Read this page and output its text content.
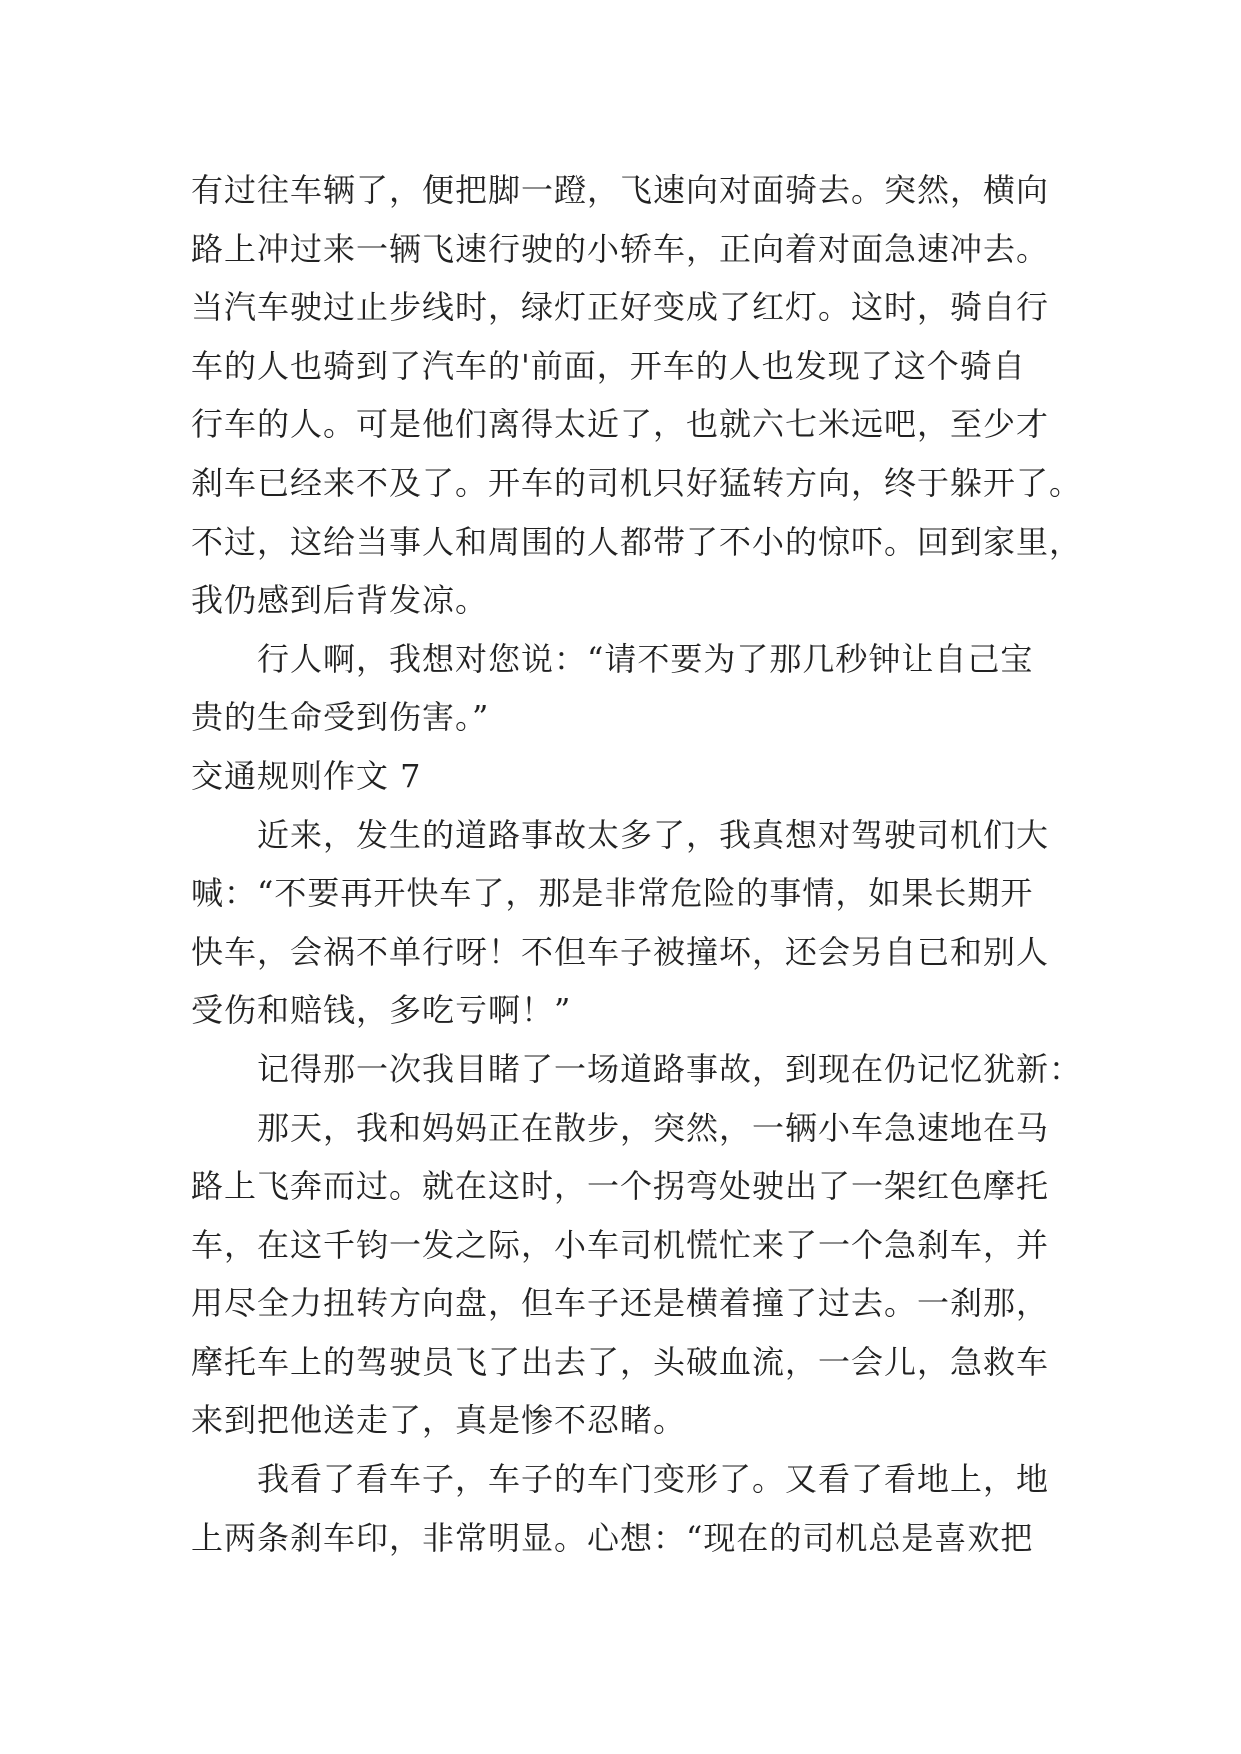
有过往车辆了，便把脚一蹬，飞速向对面骑去。突然，横向
路上冲过来一辆飞速行驶的小轿车，正向着对面急速冲去。
当汽车驶过止步线时，绿灯正好变成了红灯。这时，骑自行
车的人也骑到了汽车的'前面，开车的人也发现了这个骑自
行车的人。可是他们离得太近了，也就六七米远吧，至少才
刹车已经来不及了。开车的司机只好猛转方向，终于躲开了。
不过，这给当事人和周围的人都带了不小的惊吓。回到家里，
我仍感到后背发凉。
　　行人啊，我想对您说：“请不要为了那几秒钟让自己宝
贵的生命受到伤害。”
交通规则作文 7
　　近来，发生的道路事故太多了，我真想对驾驶司机们大
喊：“不要再开快车了，那是非常危险的事情，如果长期开
快车，会祸不单行呀！不但车子被撞坏，还会另自已和别人
受伤和赔钱，多吃亏啊！”
　　记得那一次我目睹了一场道路事故，到现在仍记忆犹新：
　　那天，我和妈妈正在散步，突然，一辆小车急速地在马
路上飞奔而过。就在这时，一个拐弯处驶出了一架红色摩托
车，在这千钧一发之际，小车司机慌忙来了一个急刹车，并
用尽全力扭转方向盘，但车子还是横着撞了过去。一刹那，
摩托车上的驾驶员飞了出去了，头破血流，一会儿，急救车
来到把他送走了，真是惨不忍睹。
　　我看了看车子，车子的车门变形了。又看了看地上，地
上两条刹车印，非常明显。心想：“现在的司机总是喜欢把
